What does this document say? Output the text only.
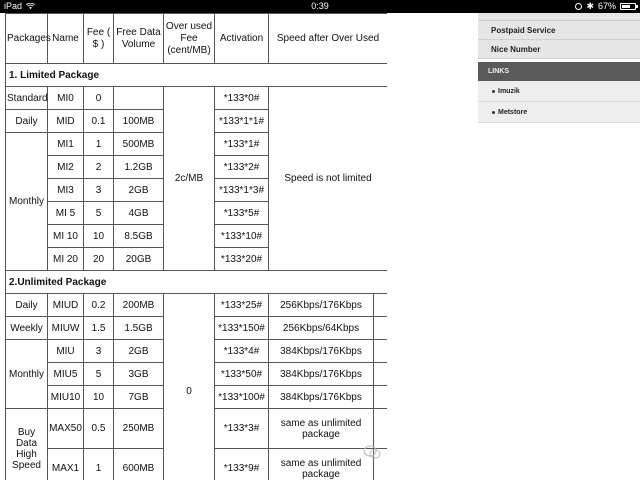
iPad	0:39	✱ 67%
Packages	Name	Fee ( $ )	Free Data Volume	Over used Fee (cent/MB)	Activation	Speed after Over Used	
1. Limited Package							
Standard	MI0	0		2c/MB	*133*0#	Speed is not limited	
Daily	MID	0.1	100MB		*133*1*1#		
Monthly	MI1	1	500MB		*133*1#		
	MI2	2	1.2GB		*133*2#		
	MI3	3	2GB		*133*1*3#		
	MI 5	5	4GB		*133*5#		
	MI 10	10	8.5GB		*133*10#		
	MI 20	20	20GB		*133*20#		
2.Unlimited Package							
Daily	MIUD	0.2	200MB	0	*133*25#	256Kbps/176Kbps	
Weekly	MIUW	1.5	1.5GB		*133*150#	256Kbps/64Kbps	
Monthly	MIU	3	2GB		*133*4#	384Kbps/176Kbps	
	MIU5	5	3GB		*133*50#	384Kbps/176Kbps	
	MIU10	10	7GB		*133*100#	384Kbps/176Kbps	
Buy Data High Speed	MAX50	0.5	250MB		*133*3#	same as unlimited package	
	MAX1	1	600MB		*133*9#	same as unlimited package	
Postpaid Service
Nice Number
LINKS
Imuzik
Metstore
